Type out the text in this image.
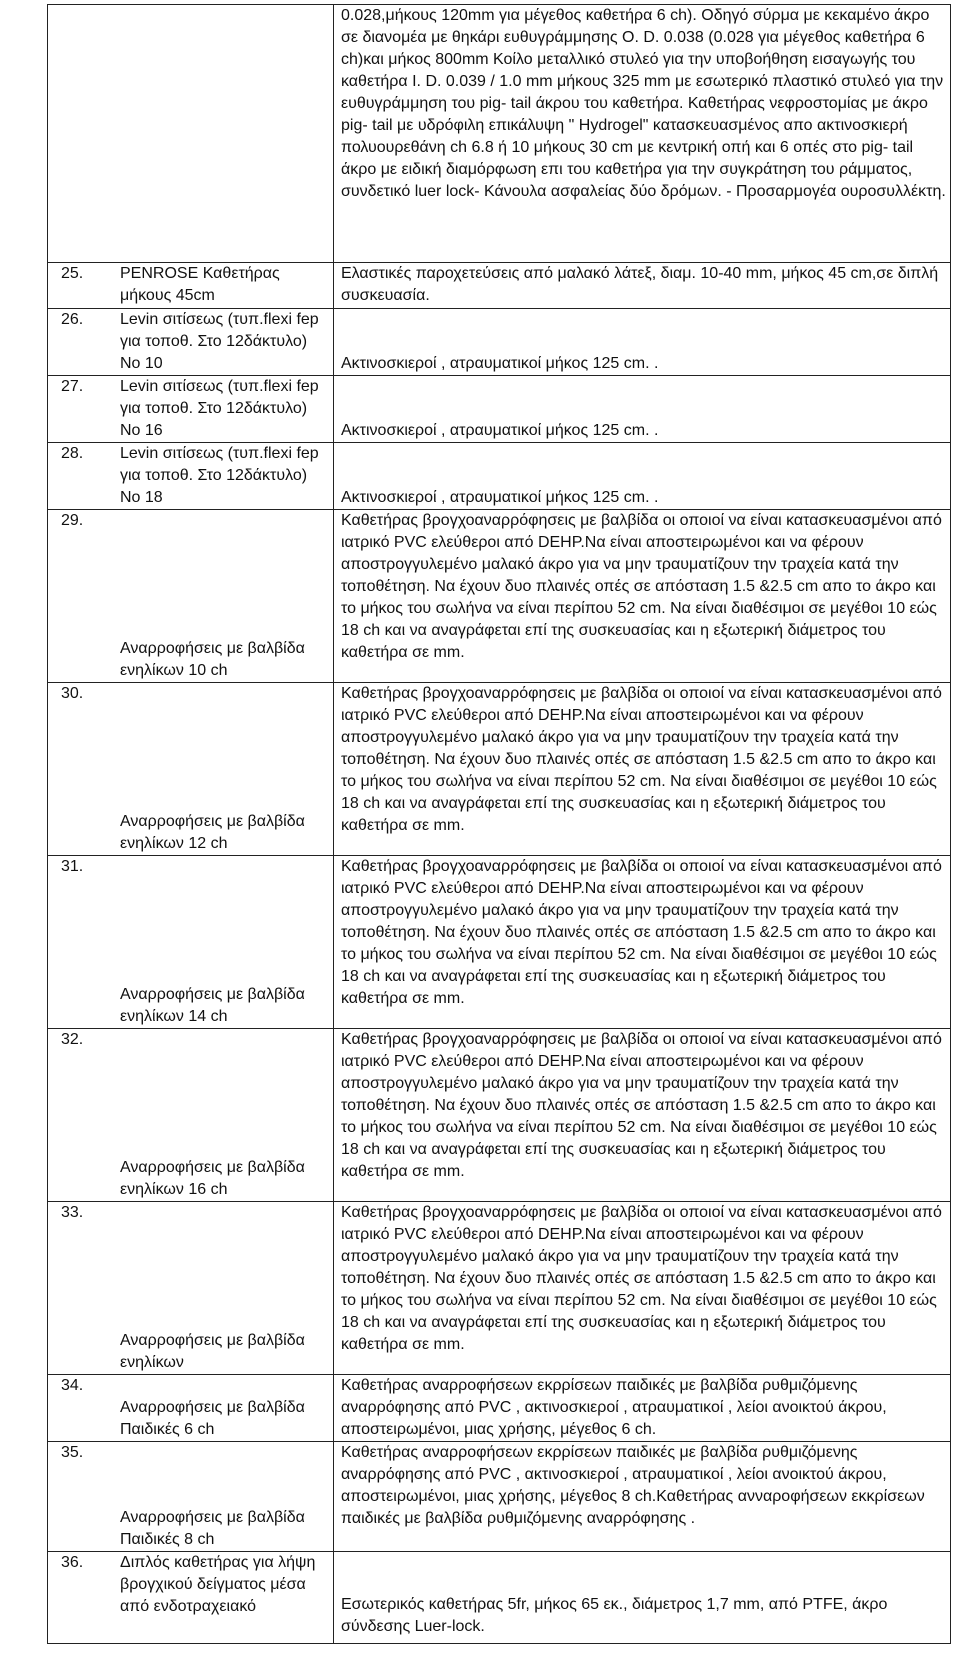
	0.028,μήκους 120mm για μέγεθος καθετήρα 6 ch). Οδηγό σύρμα με κεκαμένο άκρο σε διανομέα με θηκάρι ευθυγράμμησης Ο. D. 0.038 (0.028 για μέγεθος καθετήρα 6 ch)και μήκος 800mm Κοίλο μεταλλικό στυλεό για την υποβοήθηση εισαγωγής του καθετήρα I. D. 0.039 / 1.0 mm μήκους 325 mm με εσωτερικό πλαστικό στυλεό για την ευθυγράμμηση του pig- tail άκρου του καθετήρα. Καθετήρας νεφροστομίας με άκρο pig- tail με υδρόφιλη επικάλυψη " Hydrogel" κατασκευασμένος απο ακτινοσκιερή πολυουρεθάνη ch 6.8 ή 10 μήκους 30 cm με κεντρική οπή και 6 οπές στο pig- tail άκρο με ειδική διαμόρφωση επι του καθετήρα για την συγκράτηση του ράμματος, συνδετικό luer lock- Κάνουλα ασφαλείας δύο δρόμων. - Προσαρμογέα ουροσυλλέκτη.

25. PENROSE Καθετήρας μήκους 45cm	Ελαστικές παροχετεύσεις από μαλακό λάτεξ, διαμ. 10-40 mm, μήκος 45 cm,σε διπλή συσκευασία.

26. Levin σιτίσεως (τυπ.flexi fep για τοποθ. Στο 12δάκτυλο) Νο 10	Ακτινοσκιεροί , ατραυματικοί μήκος 125 cm. .

27. Levin σιτίσεως (τυπ.flexi fep για τοποθ. Στο 12δάκτυλο) Νο 16	Ακτινοσκιεροί , ατραυματικοί μήκος 125 cm. .

28. Levin σιτίσεως (τυπ.flexi fep για τοποθ. Στο 12δάκτυλο) Νο 18	Ακτινοσκιεροί , ατραυματικοί μήκος 125 cm. .

29.
Αναρροφήσεις με βαλβίδα ενηλίκων 10 ch	Καθετήρας βρογχοαναρρόφησεις με βαλβίδα οι οποιοί να είναι κατασκευασμένοι από ιατρικό PVC ελεύθεροι από DEHP.Να είναι αποστειρωμένοι και να φέρουν αποστρογγυλεμένο μαλακό άκρο για να μην τραυματίζουν την τραχεία κατά την τοποθέτηση. Να έχουν δυο πλαινές οπές σε απόσταση 1.5 &2.5 cm απο το άκρο και το μήκος του σωλήνα να είναι περίπου 52 cm. Να είναι διαθέσιμοι σε μεγέθοι 10 εώς 18 ch και να αναγράφεται επί της συσκευασίας και η εξωτερική διάμετρος του καθετήρα σε mm.

30.
Αναρροφήσεις με βαλβίδα ενηλίκων 12 ch	Καθετήρας βρογχοαναρρόφησεις με βαλβίδα οι οποιοί να είναι κατασκευασμένοι από ιατρικό PVC ελεύθεροι από DEHP.Να είναι αποστειρωμένοι και να φέρουν αποστρογγυλεμένο μαλακό άκρο για να μην τραυματίζουν την τραχεία κατά την τοποθέτηση. Να έχουν δυο πλαινές οπές σε απόσταση 1.5 &2.5 cm απο το άκρο και το μήκος του σωλήνα να είναι περίπου 52 cm. Να είναι διαθέσιμοι σε μεγέθοι 10 εώς 18 ch και να αναγράφεται επί της συσκευασίας και η εξωτερική διάμετρος του καθετήρα σε mm.

31.
Αναρροφήσεις με βαλβίδα ενηλίκων 14 ch	Καθετήρας βρογχοαναρρόφησεις με βαλβίδα οι οποιοί να είναι κατασκευασμένοι από ιατρικό PVC ελεύθεροι από DEHP.Να είναι αποστειρωμένοι και να φέρουν αποστρογγυλεμένο μαλακό άκρο για να μην τραυματίζουν την τραχεία κατά την τοποθέτηση. Να έχουν δυο πλαινές οπές σε απόσταση 1.5 &2.5 cm απο το άκρο και το μήκος του σωλήνα να είναι περίπου 52 cm. Να είναι διαθέσιμοι σε μεγέθοι 10 εώς 18 ch και να αναγράφεται επί της συσκευασίας και η εξωτερική διάμετρος του καθετήρα σε mm.

32.
Αναρροφήσεις με βαλβίδα ενηλίκων 16 ch	Καθετήρας βρογχοαναρρόφησεις με βαλβίδα οι οποιοί να είναι κατασκευασμένοι από ιατρικό PVC ελεύθεροι από DEHP.Να είναι αποστειρωμένοι και να φέρουν αποστρογγυλεμένο μαλακό άκρο για να μην τραυματίζουν την τραχεία κατά την τοποθέτηση. Να έχουν δυο πλαινές οπές σε απόσταση 1.5 &2.5 cm απο το άκρο και το μήκος του σωλήνα να είναι περίπου 52 cm. Να είναι διαθέσιμοι σε μεγέθοι 10 εώς 18 ch και να αναγράφεται επί της συσκευασίας και η εξωτερική διάμετρος του καθετήρα σε mm.

33.
Αναρροφήσεις με βαλβίδα ενηλίκων	Καθετήρας βρογχοαναρρόφησεις με βαλβίδα οι οποιοί να είναι κατασκευασμένοι από ιατρικό PVC ελεύθεροι από DEHP.Να είναι αποστειρωμένοι και να φέρουν αποστρογγυλεμένο μαλακό άκρο για να μην τραυματίζουν την τραχεία κατά την τοποθέτηση. Να έχουν δυο πλαινές οπές σε απόσταση 1.5 &2.5 cm απο το άκρο και το μήκος του σωλήνα να είναι περίπου 52 cm. Να είναι διαθέσιμοι σε μεγέθοι 10 εώς 18 ch και να αναγράφεται επί της συσκευασίας και η εξωτερική διάμετρος του καθετήρα σε mm.

34.
Αναρροφήσεις με βαλβίδα Παιδικές 6 ch	Καθετήρας αναρροφήσεων εκρρίσεων παιδικές με βαλβίδα ρυθμιζόμενης αναρρόφησης από PVC , ακτινοσκιεροί , ατραυματικοί , λείοι ανοικτού άκρου, αποστειρωμένοι, μιας χρήσης, μέγεθος 6 ch.

35.
Αναρροφήσεις με βαλβίδα Παιδικές 8 ch	Καθετήρας αναρροφήσεων εκρρίσεων παιδικές με βαλβίδα ρυθμιζόμενης αναρρόφησης από PVC , ακτινοσκιεροί , ατραυματικοί , λείοι ανοικτού άκρου, αποστειρωμένοι, μιας χρήσης, μέγεθος 8 ch.Καθετήρας ανναροφήσεων εκκρίσεων παιδικές με βαλβίδα ρυθμιζόμενης αναρρόφησης .

36. Διπλός καθετήρας για λήψη βρογχικού δείγματος μέσα από ενδοτραχειακό	Εσωτερικός καθετήρας 5fr, μήκος 65 εκ., διάμετρος 1,7 mm, από PTFE, άκρο σύνδεσης Luer-lock.
